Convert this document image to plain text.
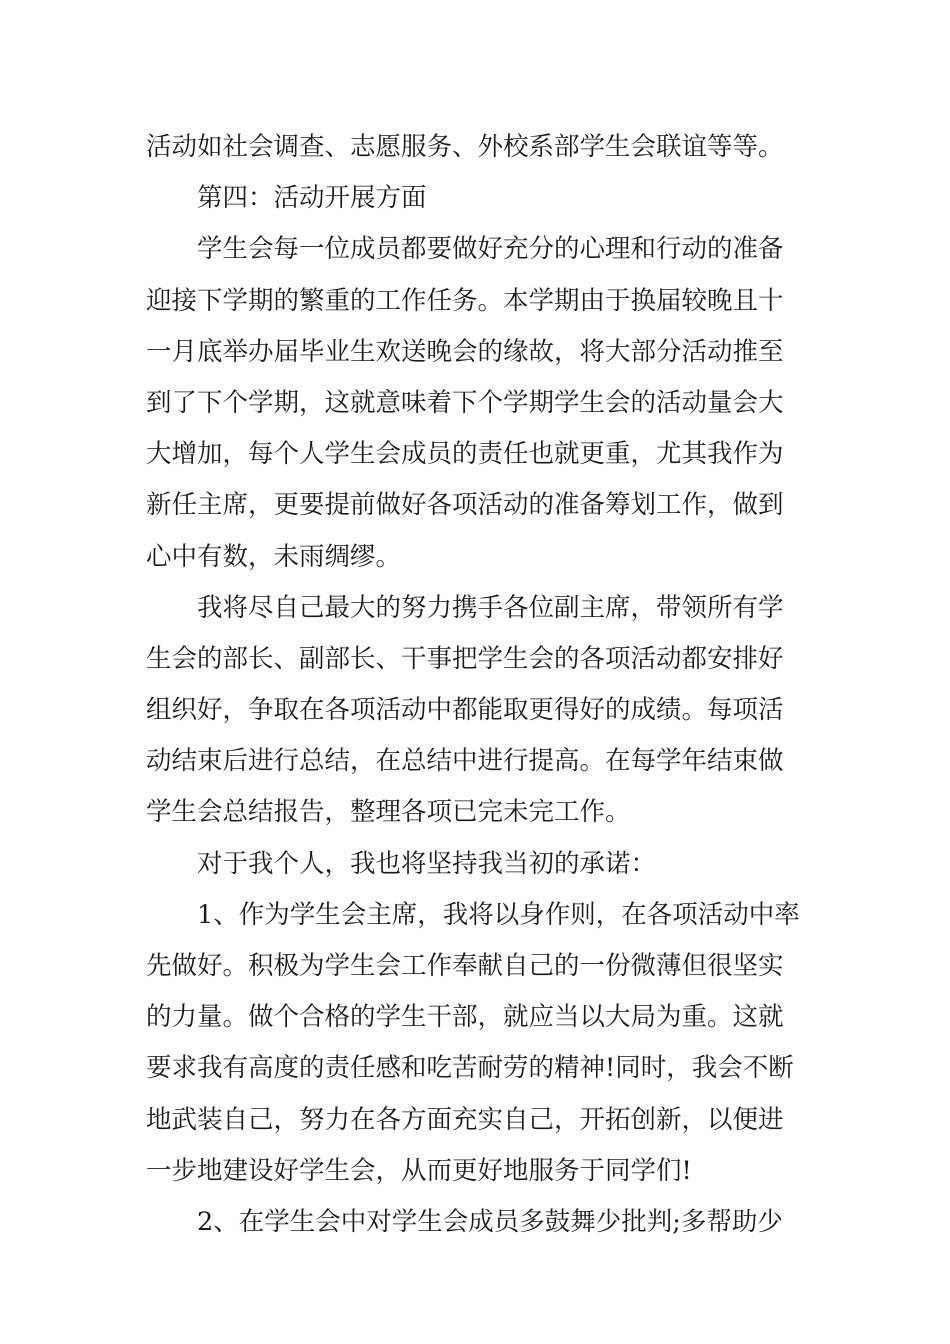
活动如社会调查、志愿服务、外校系部学生会联谊等等。
第四：活动开展方面
学生会每一位成员都要做好充分的心理和行动的准备
迎接下学期的繁重的工作任务。本学期由于换届较晚且十
一月底举办届毕业生欢送晚会的缘故，将大部分活动推至
到了下个学期，这就意味着下个学期学生会的活动量会大
大增加，每个人学生会成员的责任也就更重，尤其我作为
新任主席，更要提前做好各项活动的准备筹划工作，做到
心中有数，未雨绸缪。
我将尽自己最大的努力携手各位副主席，带领所有学
生会的部长、副部长、干事把学生会的各项活动都安排好
组织好，争取在各项活动中都能取更得好的成绩。每项活
动结束后进行总结，在总结中进行提高。在每学年结束做
学生会总结报告，整理各项已完未完工作。
对于我个人，我也将坚持我当初的承诺：
1、作为学生会主席，我将以身作则，在各项活动中率
先做好。积极为学生会工作奉献自己的一份微薄但很坚实
的力量。做个合格的学生干部，就应当以大局为重。这就
要求我有高度的责任感和吃苦耐劳的精神!同时，我会不断
地武装自己，努力在各方面充实自己，开拓创新，以便进
一步地建设好学生会，从而更好地服务于同学们!
2、在学生会中对学生会成员多鼓舞少批判;多帮助少
